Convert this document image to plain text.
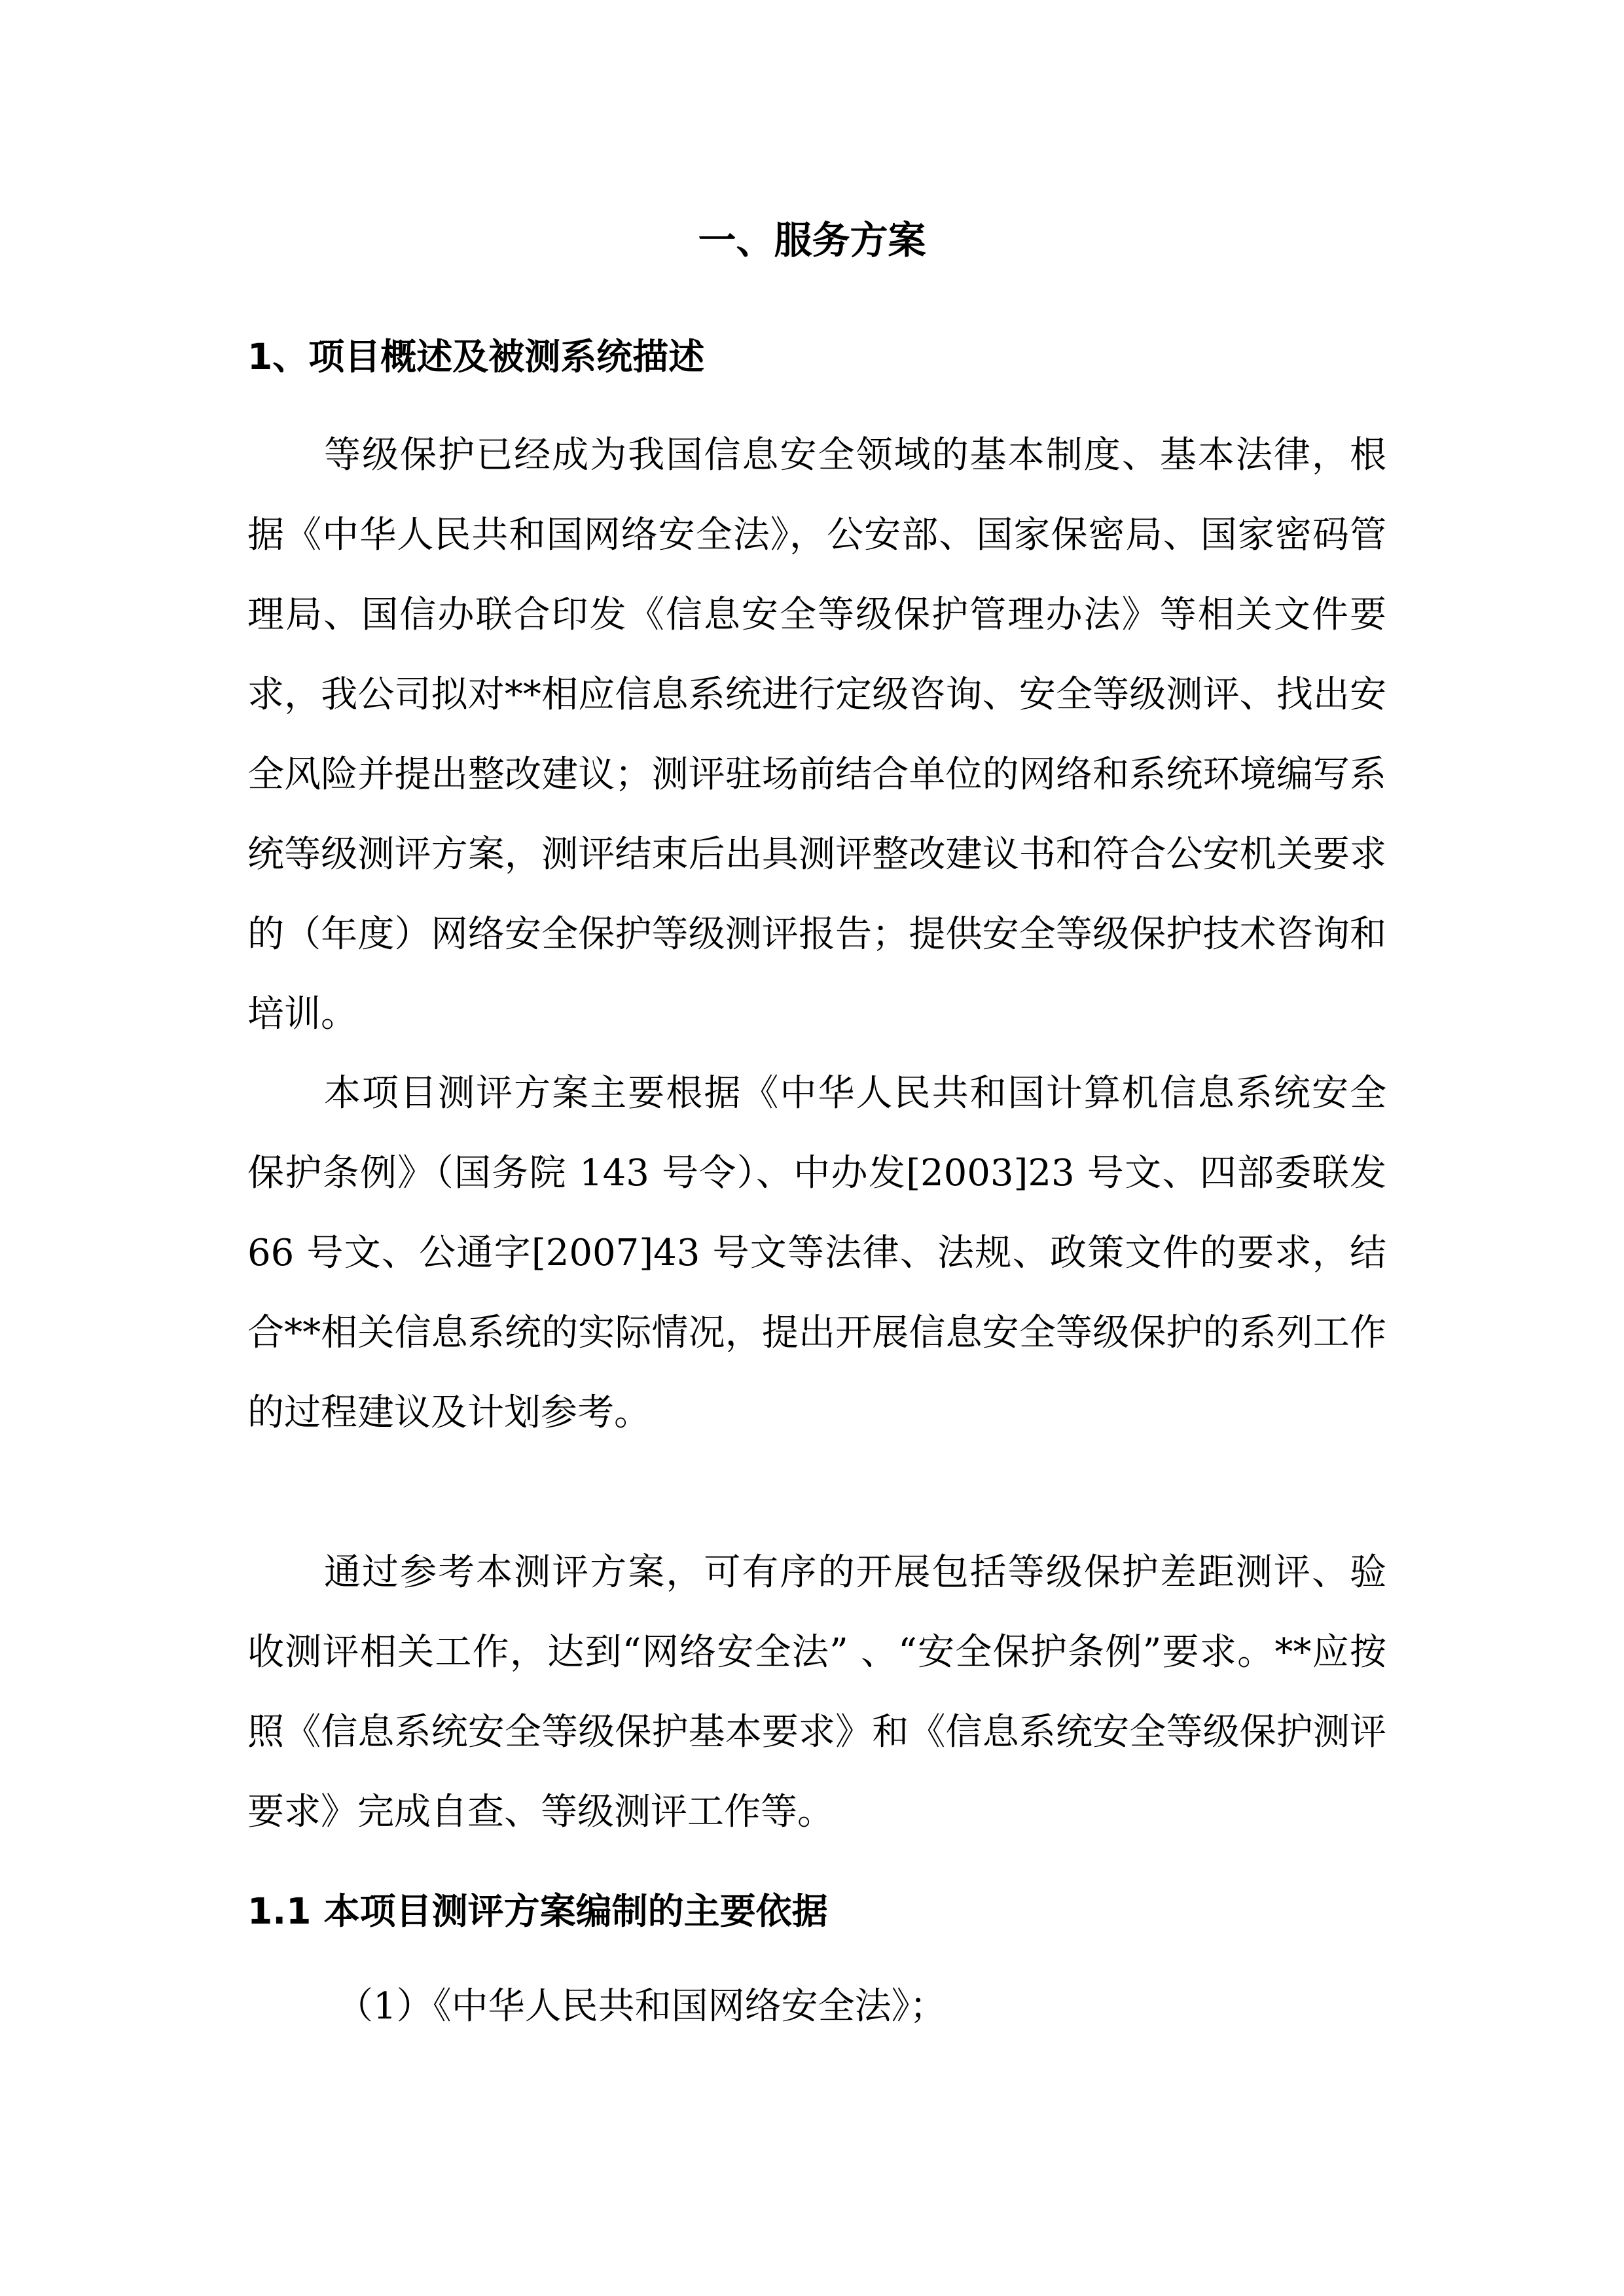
一、服务方案
1、项目概述及被测系统描述

等级保护已经成为我国信息安全领域的基本制度、基本法律，根据《中华人民共和国网络安全法》，公安部、国家保密局、国家密码管理局、国信办联合印发《信息安全等级保护管理办法》等相关文件要求，我公司拟对**相应信息系统进行定级咨询、安全等级测评、找出安全风险并提出整改建议；测评驻场前结合单位的网络和系统环境编写系统等级测评方案，测评结束后出具测评整改建议书和符合公安机关要求的（年度）网络安全保护等级测评报告；提供安全等级保护技术咨询和培训。

本项目测评方案主要根据《中华人民共和国计算机信息系统安全保护条例》（国务院 143 号令）、中办发[2003]23 号文、四部委联发 66 号文、公通字[2007]43 号文等法律、法规、政策文件的要求，结合**相关信息系统的实际情况，提出开展信息安全等级保护的系列工作的过程建议及计划参考。

通过参考本测评方案，可有序的开展包括等级保护差距测评、验收测评相关工作，达到“网络安全法” 、“安全保护条例”要求。**应按照《信息系统安全等级保护基本要求》和《信息系统安全等级保护测评要求》完成自查、等级测评工作等。

1.1 本项目测评方案编制的主要依据
（1）《中华人民共和国网络安全法》；
